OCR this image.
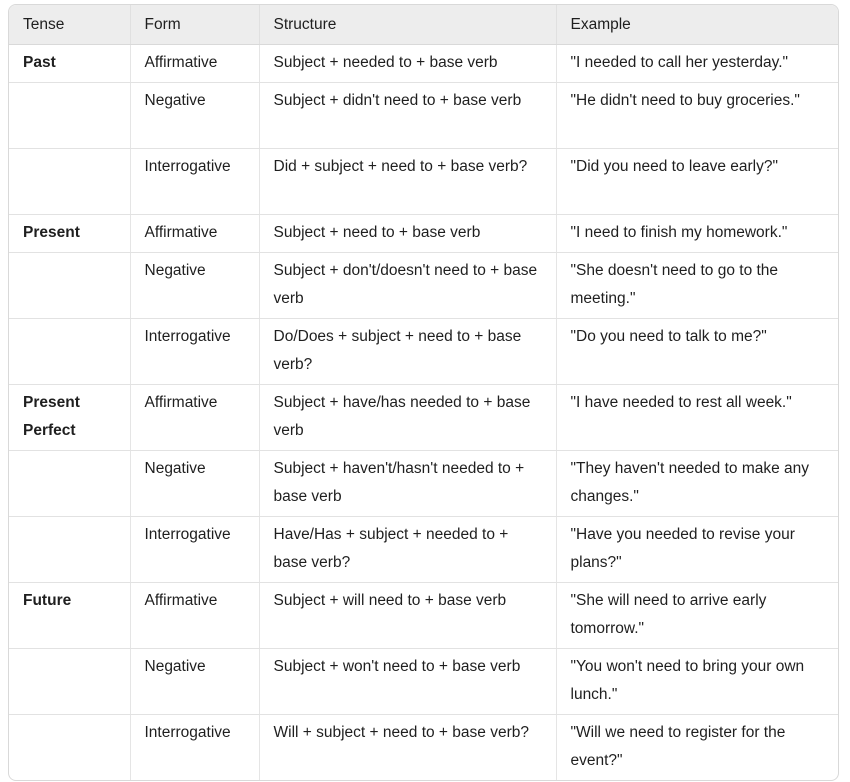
Tense	Form	Structure	Example
Past	Affirmative	Subject + needed to + base verb	"I needed to call her yesterday."
	Negative	Subject + didn't need to + base verb	"He didn't need to buy groceries."
	Interrogative	Did + subject + need to + base verb?	"Did you need to leave early?"
Present	Affirmative	Subject + need to + base verb	"I need to finish my homework."
	Negative	Subject + don't/doesn't need to + base verb	"She doesn't need to go to the meeting."
	Interrogative	Do/Does + subject + need to + base verb?	"Do you need to talk to me?"
Present Perfect	Affirmative	Subject + have/has needed to + base verb	"I have needed to rest all week."
	Negative	Subject + haven't/hasn't needed to + base verb	"They haven't needed to make any changes."
	Interrogative	Have/Has + subject + needed to + base verb?	"Have you needed to revise your plans?"
Future	Affirmative	Subject + will need to + base verb	"She will need to arrive early tomorrow."
	Negative	Subject + won't need to + base verb	"You won't need to bring your own lunch."
	Interrogative	Will + subject + need to + base verb?	"Will we need to register for the event?"
